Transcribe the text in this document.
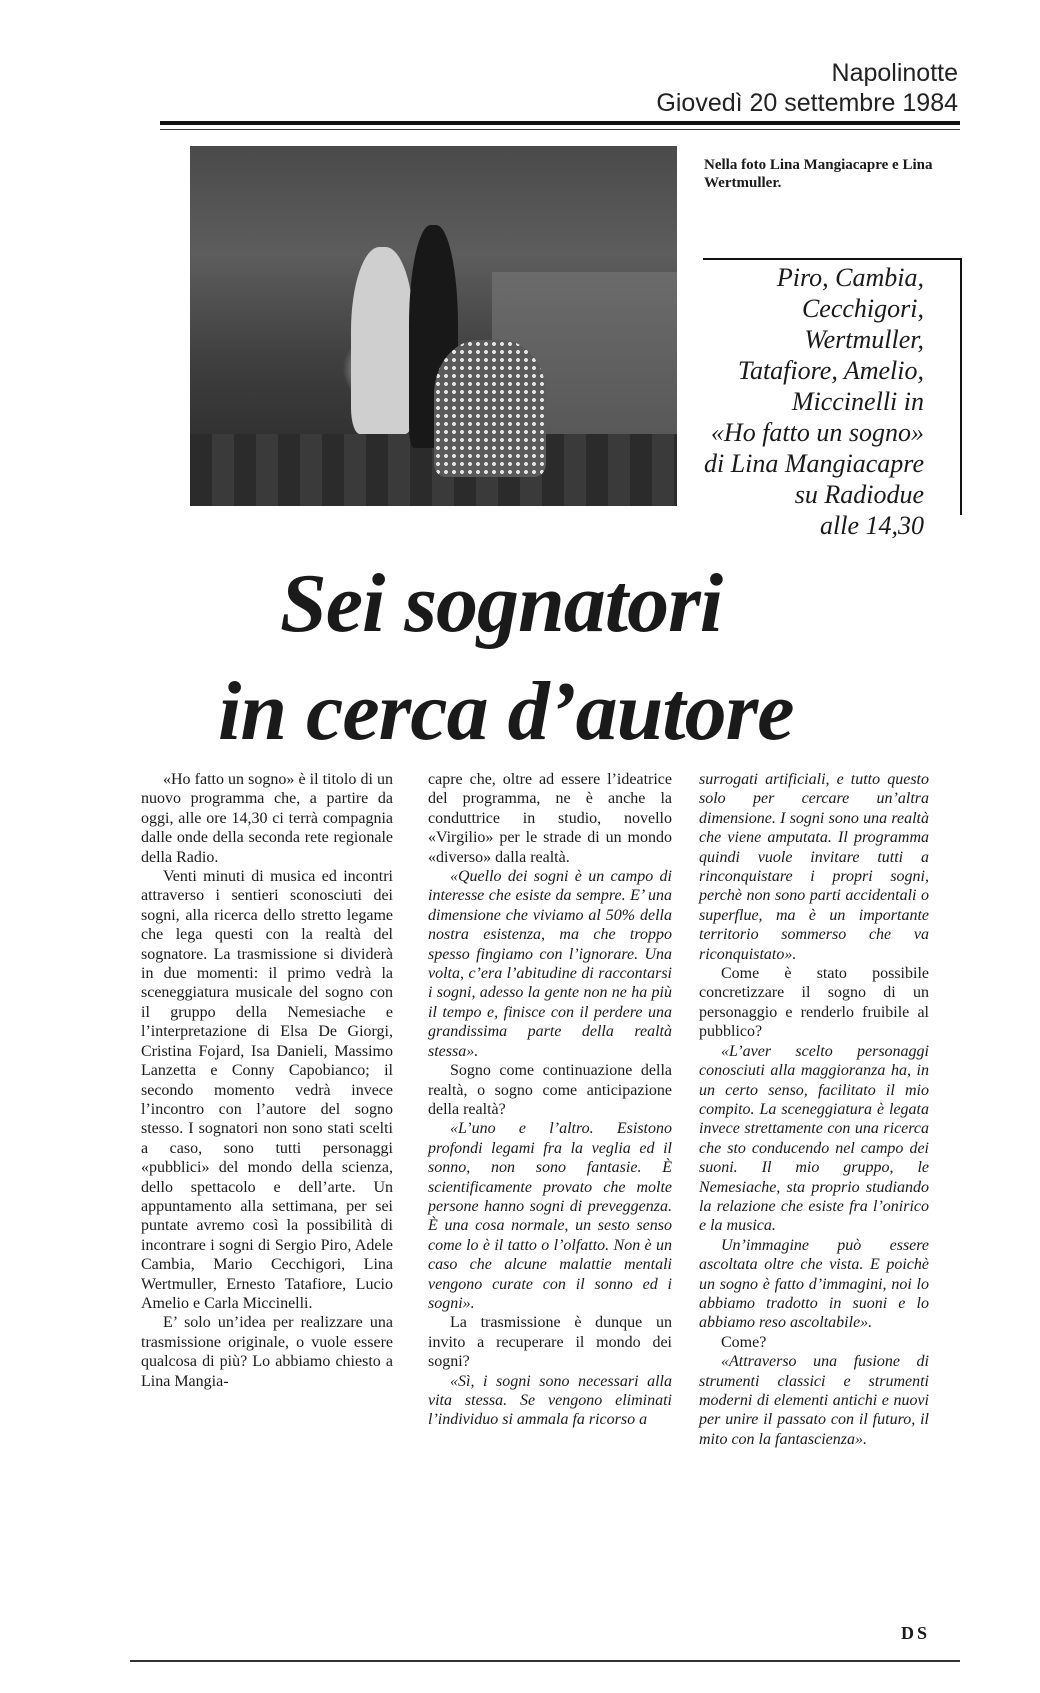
Napolinotte
Giovedì 20 settembre 1984
Nella foto Lina Mangiacapre e Lina Wertmuller.
Piro, Cambia,
Cecchigori,
Wertmuller,
Tatafiore, Amelio,
Miccinelli in
«Ho fatto un sogno»
di Lina Mangiacapre
su Radiodue
alle 14,30
Sei sognatori
in cerca d’autore

«Ho fatto un sogno» è il titolo di un nuovo programma che, a partire da oggi, alle ore 14,30 ci terrà compagnia dalle onde della seconda rete regionale della Radio.

Venti minuti di musica ed incontri attraverso i sentieri sconosciuti dei sogni, alla ricerca dello stretto legame che lega questi con la realtà del sognatore. La trasmissione si dividerà in due momenti: il primo vedrà la sceneggiatura musicale del sogno con il gruppo della Nemesiache e l’interpretazione di Elsa De Giorgi, Cristina Fojard, Isa Danieli, Massimo Lanzetta e Conny Capobianco; il secondo momento vedrà invece l’incontro con l’autore del sogno stesso. I sognatori non sono stati scelti a caso, sono tutti personaggi «pubblici» del mondo della scienza, dello spettacolo e dell’arte. Un appuntamento alla settimana, per sei puntate avremo così la possibilità di incontrare i sogni di Sergio Piro, Adele Cambia, Mario Cecchigori, Lina Wertmuller, Ernesto Tatafiore, Lucio Amelio e Carla Miccinelli.

E’ solo un’idea per realizzare una trasmissione originale, o vuole essere qualcosa di più? Lo abbiamo chiesto a Lina Mangia-

capre che, oltre ad essere l’ideatrice del programma, ne è anche la conduttrice in studio, novello «Virgilio» per le strade di un mondo «diverso» dalla realtà.

«Quello dei sogni è un campo di interesse che esiste da sempre. E’ una dimensione che viviamo al 50% della nostra esistenza, ma che troppo spesso fingiamo con l’ignorare. Una volta, c’era l’abitudine di raccontarsi i sogni, adesso la gente non ne ha più il tempo e, finisce con il perdere una grandissima parte della realtà stessa».

Sogno come continuazione della realtà, o sogno come anticipazione della realtà?

«L’uno e l’altro. Esistono profondi legami fra la veglia ed il sonno, non sono fantasie. È scientificamente provato che molte persone hanno sogni di preveggenza. È una cosa normale, un sesto senso come lo è il tatto o l’olfatto. Non è un caso che alcune malattie mentali vengono curate con il sonno ed i sogni».

La trasmissione è dunque un invito a recuperare il mondo dei sogni?

«Sì, i sogni sono necessari alla vita stessa. Se vengono eliminati l’individuo si ammala fa ricorso a

surrogati artificiali, e tutto questo solo per cercare un’altra dimensione. I sogni sono una realtà che viene amputata. Il programma quindi vuole invitare tutti a rinconquistare i propri sogni, perchè non sono parti accidentali o superflue, ma è un importante territorio sommerso che va riconquistato».

Come è stato possibile concretizzare il sogno di un personaggio e renderlo fruibile al pubblico?

«L’aver scelto personaggi conosciuti alla maggioranza ha, in un certo senso, facilitato il mio compito. La sceneggiatura è legata invece strettamente con una ricerca che sto conducendo nel campo dei suoni. Il mio gruppo, le Nemesiache, sta proprio studiando la relazione che esiste fra l’onirico e la musica.

Un’immagine può essere ascoltata oltre che vista. E poichè un sogno è fatto d’immagini, noi lo abbiamo tradotto in suoni e lo abbiamo reso ascoltabile».

Come?

«Attraverso una fusione di strumenti classici e strumenti moderni di elementi antichi e nuovi per unire il passato con il futuro, il mito con la fantascienza».

DS
